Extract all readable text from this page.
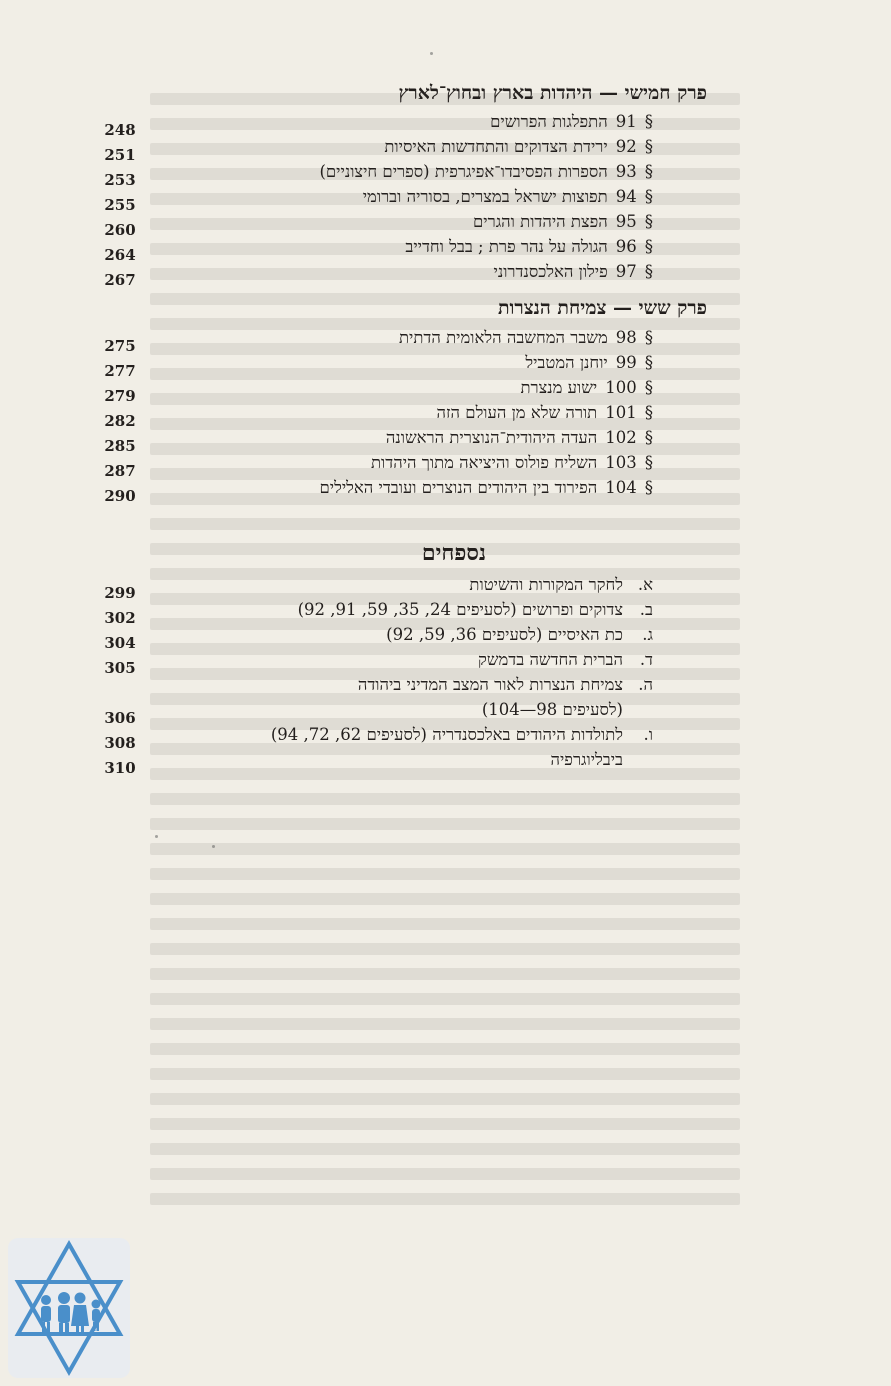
פרק חמישי — היהדות בארץ ובחוץ־לארץ
§91התפלגות הפרושים
248
§92ירידת הצדוקים והתחדשות האיסיות
251
§93הספרות הפסיבדו־אפיגרפית (ספרים חיצוניים)
253
§94תפוצות ישראל במצרים, בסוריה וברומי
255
§95הפצת היהדות והגרים
260
§96הגולה על נהר פרת ; בבל וחדייב
264
§97פילון האלכסנדרוני
267
פרק ששי — צמיחת הנצרות
§98משבר המחשבה הלאומית הדתית
275
§99יוחנן המטביל
277
§100ישוע מנצרת
279
§101תורה שלא מן העולם הזה
282
§102העדה היהודית־הנוצרית הראשונה
285
§103השליח פולוס והיציאה מתוך היהדות
287
§104הפירוד בין היהודים הנוצרים ועובדי האלילים
290
נספחים
א.
לחקר המקורות והשיטות
299
ב.
צדוקים ופרושים (לסעיפים 24, 35, 59, 91, 92)
302
ג.
כת האיסיים (לסעיפים 36, 59, 92)
304
ד.
הברית החדשה בדמשק
305
ה.
צמיחת הנצרות לאור המצב המדיני ביהודה
(לסעיפים 98—104)
306
ו.
לתולדות היהודים באלכסנדריה (לסעיפים 62, 72, 94)
308
ביבליוגרפיה
310
